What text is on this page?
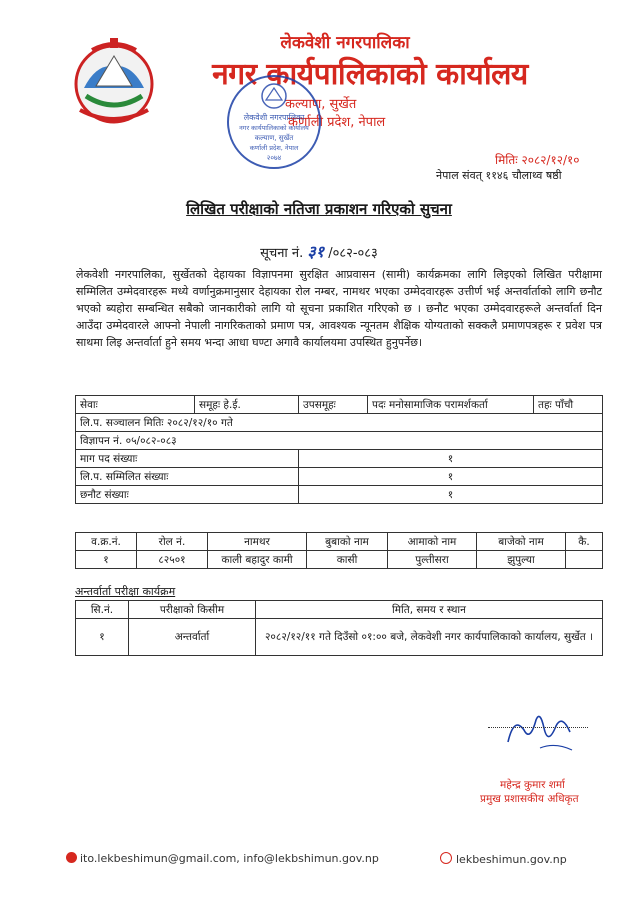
लेकवेशी नगरपालिका
नगर कार्यपालिकाको कार्यालय
कल्याण, सुर्खेत
कर्णाली प्रदेश, नेपाल
लेकवेशी नगरपालिका
नगर कार्यपालिकाको कार्यालय
कल्याण, सुर्खेत
कर्णाली प्रदेश, नेपाल
२०७४	मितिः २०८२/१२/१०
नेपाल संवत् ११४६ चौलाथ्व षष्ठी
लिखित परीक्षाको नतिजा प्रकाशन गरिएको सुचना
सूचना नं. ३१ /०८२-०८३
लेकवेशी नगरपालिका, सुर्खेतको देहायका विज्ञापनमा सुरक्षित आप्रवासन (सामी) कार्यक्रमका लागि लिइएको लिखित परीक्षामा सम्मिलित उम्मेदवारहरू मध्ये वर्णानुक्रमानुसार देहायका रोल नम्बर, नामथर भएका उम्मेदवारहरू उत्तीर्ण भई अन्तर्वार्ताको लागि छनौट भएको ब्यहोरा सम्बन्धित सबैको जानकारीको लागि यो सूचना प्रकाशित गरिएको छ । छनौट भएका उम्मेदवारहरूले अन्तर्वार्ता दिन आउँदा उम्मेदवारले आफ्नो नेपाली नागरिकताको प्रमाण पत्र, आवश्यक न्यूनतम शैक्षिक योग्यताको सक्कलै प्रमाणपत्रहरू र प्रवेश पत्र साथमा लिइ अन्तर्वार्ता हुने समय भन्दा आधा घण्टा अगावै कार्यालयमा उपस्थित हुनुपर्नेछ।
सेवाः	समूहः हे.ई.	उपसमूहः	पदः मनोसामाजिक परामर्शकर्ता	तहः पाँचौ
लि.प. सञ्चालन मितिः २०८२/१२/१० गते				
विज्ञापन नं. ०५/०८२-०८३				
माग पद संख्याः		१		
लि.प. सम्मिलित संख्याः		१		
छनौट संख्याः		१		
व.क्र.नं.	रोल नं.	नामथर	बुबाको नाम	आमाको नाम	बाजेको नाम	कै.
१	८२५०१	काली बहादुर कामी	कासी	पुल्तीसरा	झुपुल्या	
अन्तर्वार्ता परीक्षा कार्यक्रम
सि.नं.	परीक्षाको किसीम	मिति, समय र स्थान
१	अन्तर्वार्ता	२०८२/१२/११ गते दिउँसो ०१:०० बजे, लेकवेशी नगर कार्यपालिकाको कार्यालय, सुर्खेत ।
महेन्द्र कुमार शर्मा
प्रमुख प्रशासकीय अधिकृत
ito.lekbeshimun@gmail.com, info@lekbshimun.gov.np	lekbeshimun.gov.np
